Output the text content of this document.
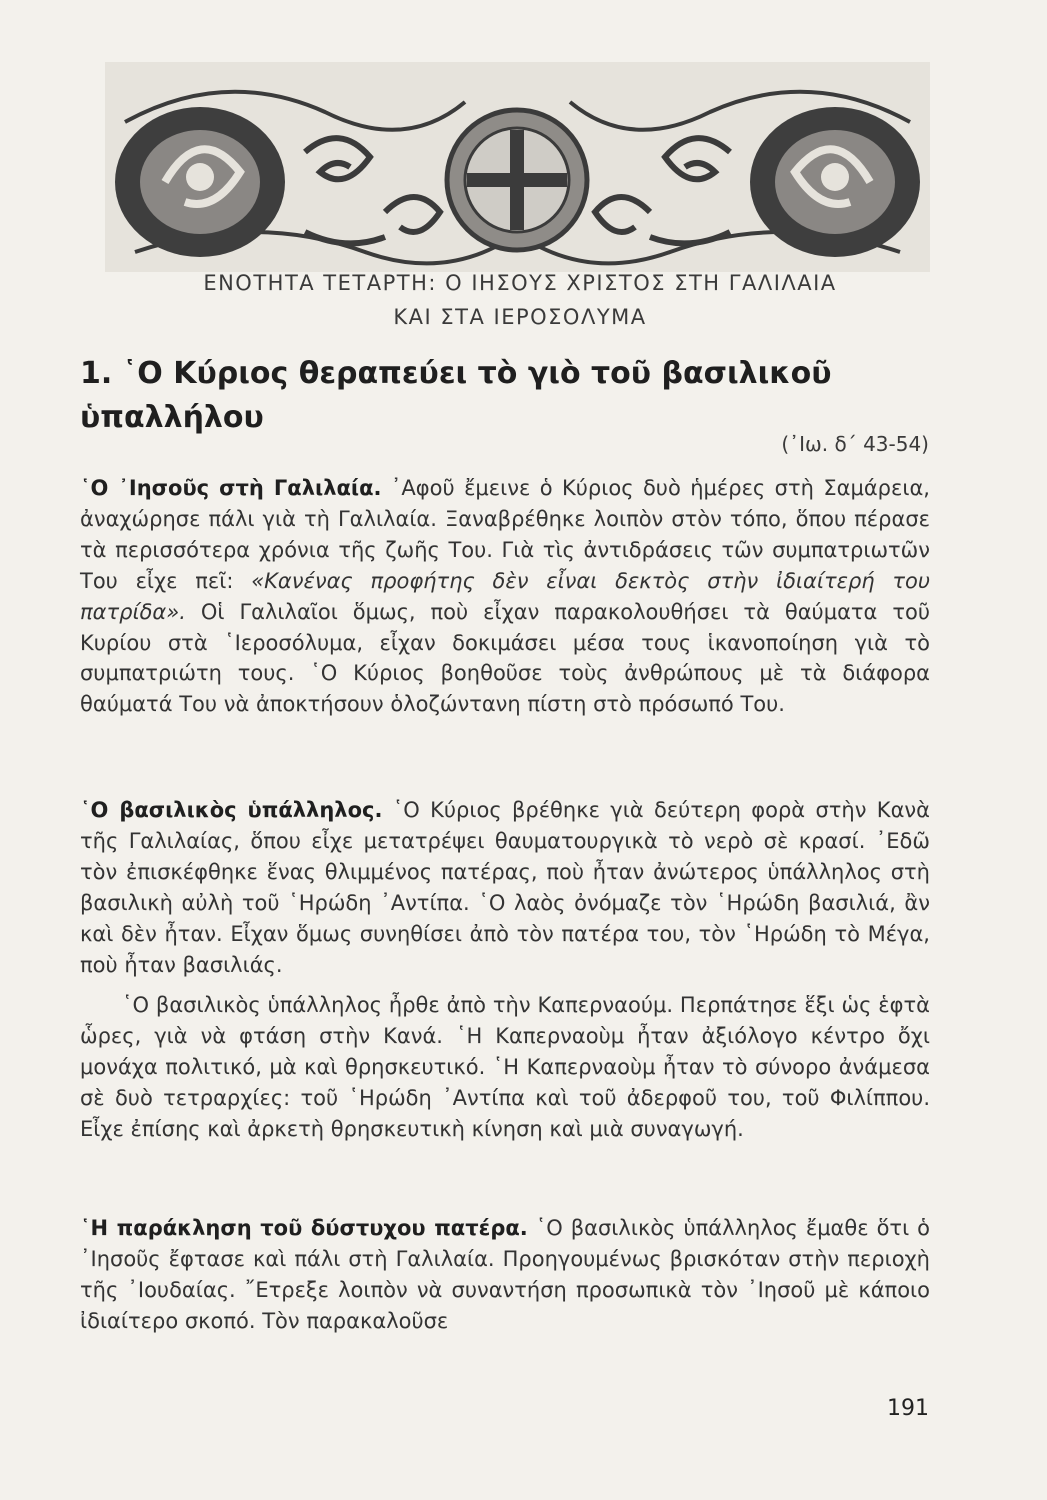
ΕΝΟΤΗΤΑ ΤΕΤΑΡΤΗ: Ο ΙΗΣΟΥΣ ΧΡΙΣΤΟΣ ΣΤΗ ΓΑΛΙΛΑΙΑ
ΚΑΙ ΣΤΑ ΙΕΡΟΣΟΛΥΜΑ
1. ῾Ο Κύριος θεραπεύει τὸ γιὸ τοῦ βασιλικοῦ ὑπαλλήλου
(᾿Ιω. δ΄ 43-54)
῾Ο ᾿Ιησοῦς στὴ Γαλιλαία. ᾿Αφοῦ ἔμεινε ὁ Κύριος δυὸ ἡμέρες στὴ Σαμάρεια, ἀναχώρησε πάλι γιὰ τὴ Γαλιλαία. Ξαναβρέθηκε λοιπὸν στὸν τόπο, ὅπου πέρασε τὰ περισσότερα χρόνια τῆς ζωῆς Του. Γιὰ τὶς ἀντιδράσεις τῶν συμπατριωτῶν Του εἶχε πεῖ: «Κανένας προφήτης δὲν εἶναι δεκτὸς στὴν ἰδιαίτερή του πατρίδα». Οἱ Γαλιλαῖοι ὅμως, ποὺ εἶχαν παρακολουθήσει τὰ θαύματα τοῦ Κυρίου στὰ ῾Ιεροσόλυμα, εἶχαν δοκιμάσει μέσα τους ἱκανοποίηση γιὰ τὸ συμπατριώτη τους. ῾Ο Κύριος βοηθοῦσε τοὺς ἀνθρώπους μὲ τὰ διάφορα θαύματά Του νὰ ἀποκτήσουν ὁλοζώντανη πίστη στὸ πρόσωπό Του.
῾Ο βασιλικὸς ὑπάλληλος. ῾Ο Κύριος βρέθηκε γιὰ δεύτερη φορὰ στὴν Κανὰ τῆς Γαλιλαίας, ὅπου εἶχε μετατρέψει θαυματουργικὰ τὸ νερὸ σὲ κρασί. ᾿Εδῶ τὸν ἐπισκέφθηκε ἕνας θλιμμένος πατέρας, ποὺ ἦταν ἀνώτερος ὑπάλληλος στὴ βασιλικὴ αὐλὴ τοῦ ῾Ηρώδη ᾿Αντίπα. ῾Ο λαὸς ὀνόμαζε τὸν ῾Ηρώδη βασιλιά, ἂν καὶ δὲν ἦταν. Εἶχαν ὅμως συνηθίσει ἀπὸ τὸν πατέρα του, τὸν ῾Ηρώδη τὸ Μέγα, ποὺ ἦταν βασιλιάς.
῾Ο βασιλικὸς ὑπάλληλος ἦρθε ἀπὸ τὴν Καπερναούμ. Περπάτησε ἕξι ὡς ἑφτὰ ὧρες, γιὰ νὰ φτάση στὴν Κανά. ῾Η Καπερναοὺμ ἦταν ἀξιόλογο κέντρο ὄχι μονάχα πολιτικό, μὰ καὶ θρησκευτικό. ῾Η Καπερναοὺμ ἦταν τὸ σύνορο ἀνάμεσα σὲ δυὸ τετραρχίες: τοῦ ῾Ηρώδη ᾿Αντίπα καὶ τοῦ ἀδερφοῦ του, τοῦ Φιλίππου. Εἶχε ἐπίσης καὶ ἀρκετὴ θρησκευτικὴ κίνηση καὶ μιὰ συναγωγή.
῾Η παράκληση τοῦ δύστυχου πατέρα. ῾Ο βασιλικὸς ὑπάλληλος ἔμαθε ὅτι ὁ ᾿Ιησοῦς ἔφτασε καὶ πάλι στὴ Γαλιλαία. Προηγουμένως βρισκόταν στὴν περιοχὴ τῆς ᾿Ιουδαίας. ῎Ετρεξε λοιπὸν νὰ συναντήση προσωπικὰ τὸν ᾿Ιησοῦ μὲ κάποιο ἰδιαίτερο σκοπό. Τὸν παρακαλοῦσε
191
